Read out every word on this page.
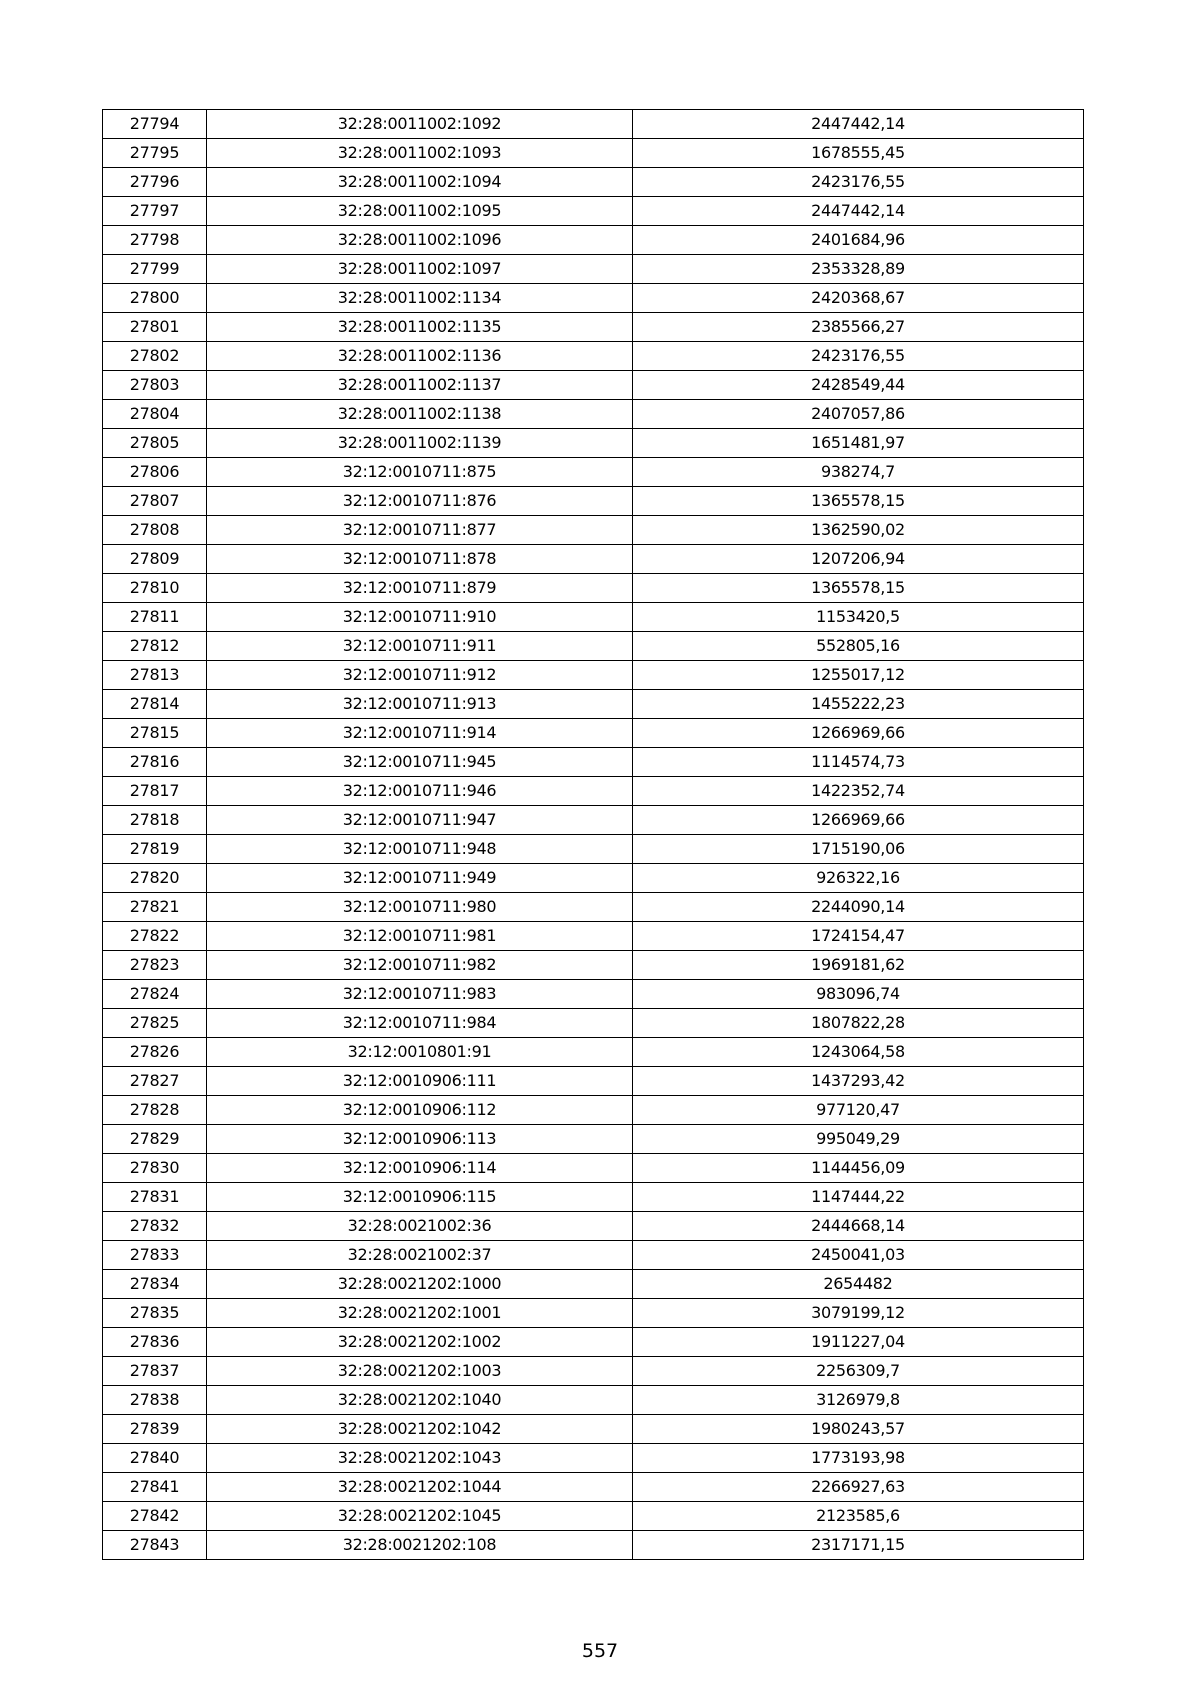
27794	32:28:0011002:1092	2447442,14
27795	32:28:0011002:1093	1678555,45
27796	32:28:0011002:1094	2423176,55
27797	32:28:0011002:1095	2447442,14
27798	32:28:0011002:1096	2401684,96
27799	32:28:0011002:1097	2353328,89
27800	32:28:0011002:1134	2420368,67
27801	32:28:0011002:1135	2385566,27
27802	32:28:0011002:1136	2423176,55
27803	32:28:0011002:1137	2428549,44
27804	32:28:0011002:1138	2407057,86
27805	32:28:0011002:1139	1651481,97
27806	32:12:0010711:875	938274,7
27807	32:12:0010711:876	1365578,15
27808	32:12:0010711:877	1362590,02
27809	32:12:0010711:878	1207206,94
27810	32:12:0010711:879	1365578,15
27811	32:12:0010711:910	1153420,5
27812	32:12:0010711:911	552805,16
27813	32:12:0010711:912	1255017,12
27814	32:12:0010711:913	1455222,23
27815	32:12:0010711:914	1266969,66
27816	32:12:0010711:945	1114574,73
27817	32:12:0010711:946	1422352,74
27818	32:12:0010711:947	1266969,66
27819	32:12:0010711:948	1715190,06
27820	32:12:0010711:949	926322,16
27821	32:12:0010711:980	2244090,14
27822	32:12:0010711:981	1724154,47
27823	32:12:0010711:982	1969181,62
27824	32:12:0010711:983	983096,74
27825	32:12:0010711:984	1807822,28
27826	32:12:0010801:91	1243064,58
27827	32:12:0010906:111	1437293,42
27828	32:12:0010906:112	977120,47
27829	32:12:0010906:113	995049,29
27830	32:12:0010906:114	1144456,09
27831	32:12:0010906:115	1147444,22
27832	32:28:0021002:36	2444668,14
27833	32:28:0021002:37	2450041,03
27834	32:28:0021202:1000	2654482
27835	32:28:0021202:1001	3079199,12
27836	32:28:0021202:1002	1911227,04
27837	32:28:0021202:1003	2256309,7
27838	32:28:0021202:1040	3126979,8
27839	32:28:0021202:1042	1980243,57
27840	32:28:0021202:1043	1773193,98
27841	32:28:0021202:1044	2266927,63
27842	32:28:0021202:1045	2123585,6
27843	32:28:0021202:108	2317171,15
557
